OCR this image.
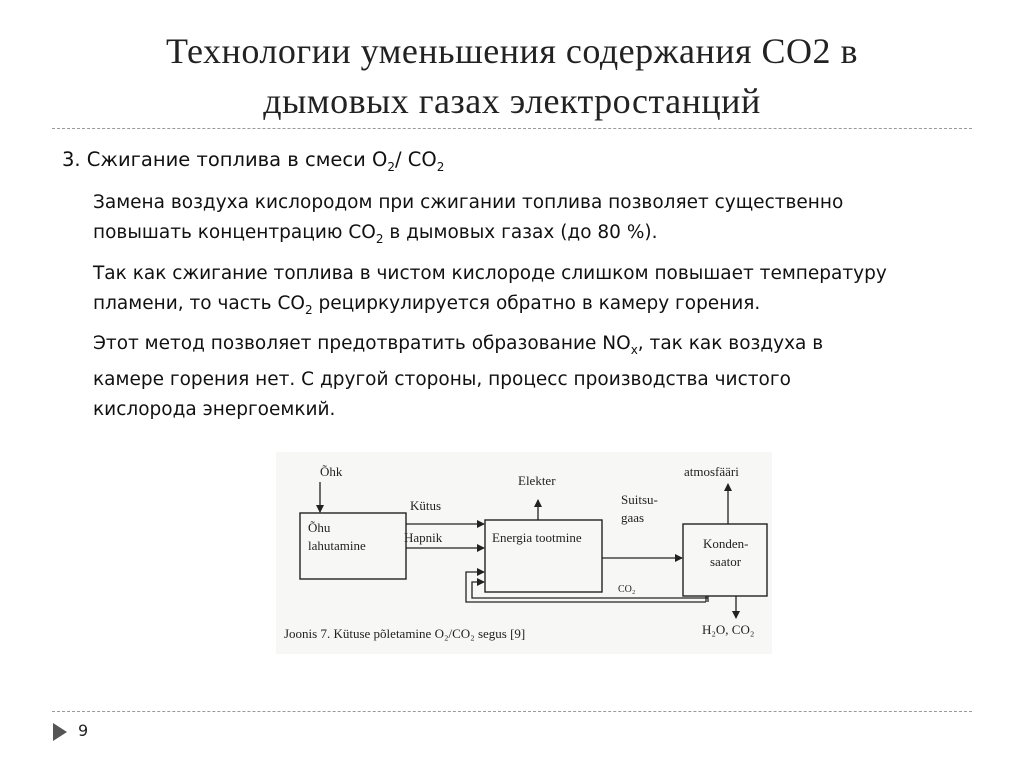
Технологии уменьшения содержания CO2 в
дымовых газах электростанций
3. Сжигание топлива в смеси $O_2/$ $CO_2$
Замена воздуха кислородом при сжигании топлива позволяет существенно
повышать концентрацию $CO_2$ в дымовых газах (до 80 %).
Так как сжигание топлива в чистом кислороде слишком повышает температуру
пламени, то часть $CO_2$ рециркулируется обратно в камеру горения.
Этот метод позволяет предотвратить образование $NO_x$, так как воздуха в
камере горения нет. С другой стороны, процесс производства чистого
кислорода энергоемкий.
Õhk
Õhu
lahutamine
Kütus
Hapnik	Energia tootmine
Elekter
Suitsu-
gaas
Konden-
saator
atmosfääri
H₂O, CO₂
CO₂
Joonis 7. Kütuse põletamine O₂/CO₂ segus [9]
9
